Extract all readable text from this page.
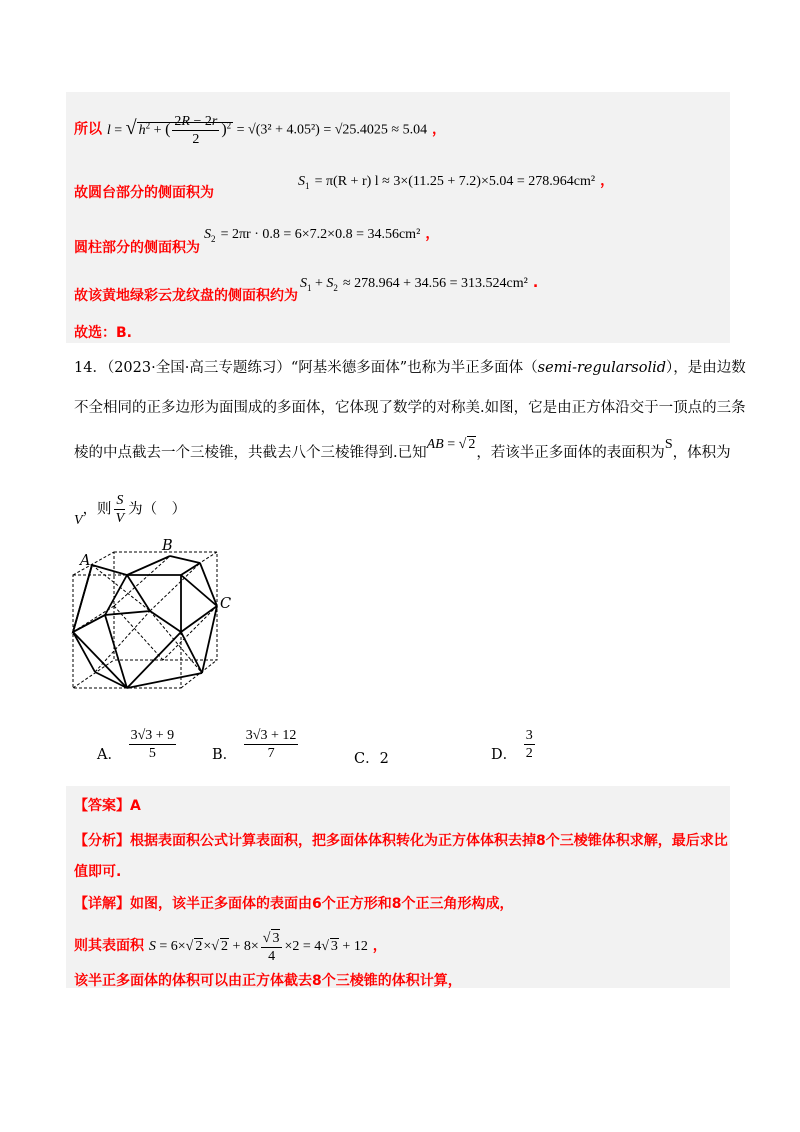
所以 l = √ $h^2$ + ( $\frac{2R - 2r}{2} )^2 = √(3^2 + 4.05^2) = √25.4025 \approx 5.04$ ，
故圆台部分的侧面积为
$S_1 = \pi(R + r) l \approx 3\times(11.25 + 7.2)\times 5.04 = 278.964cm^2$ ，
圆柱部分的侧面积为
$S_2 = 2\pi r \cdot 0.8 = 6\times 7.2\times 0.8 = 34.56cm^2$ ，
故该黄地绿彩云龙纹盘的侧面积约为
$S_1 + S_2 \approx 278.964 + 34.56 = 313.524cm^2$ .
故选：B.
14．（2023·全国·高三专题练习）“阿基米德多面体”也称为半正多面体（semi-regularsolid），是由边数
不全相同的正多边形为面围成的多面体，它体现了数学的对称美.如图，它是由正方体沿交于一顶点的三条
棱的中点截去一个三棱锥，共截去八个三棱锥得到.已知AB = √ 2，若该半正多面体的表面积为S，体积为
V，则 $\frac{S}{V}$ 为（　）
A
B
C
A． $\frac{3√3 + 9}{5}$ B． $\frac{3√3 + 12}{7}$	C．2	D． $\frac{3}{2}$
【答案】A
【分析】根据表面积公式计算表面积，把多面体体积转化为正方体体积去掉8个三棱锥体积求解，最后求比
值即可.
【详解】如图，该半正多面体的表面由6个正方形和8个正三角形构成，
则其表面积 S = 6×√ 2×√ $2 + 8\times \frac{√ 3}{4} \times 2 = 4√$ 3 + 12 ，
该半正多面体的体积可以由正方体截去8个三棱锥的体积计算，
